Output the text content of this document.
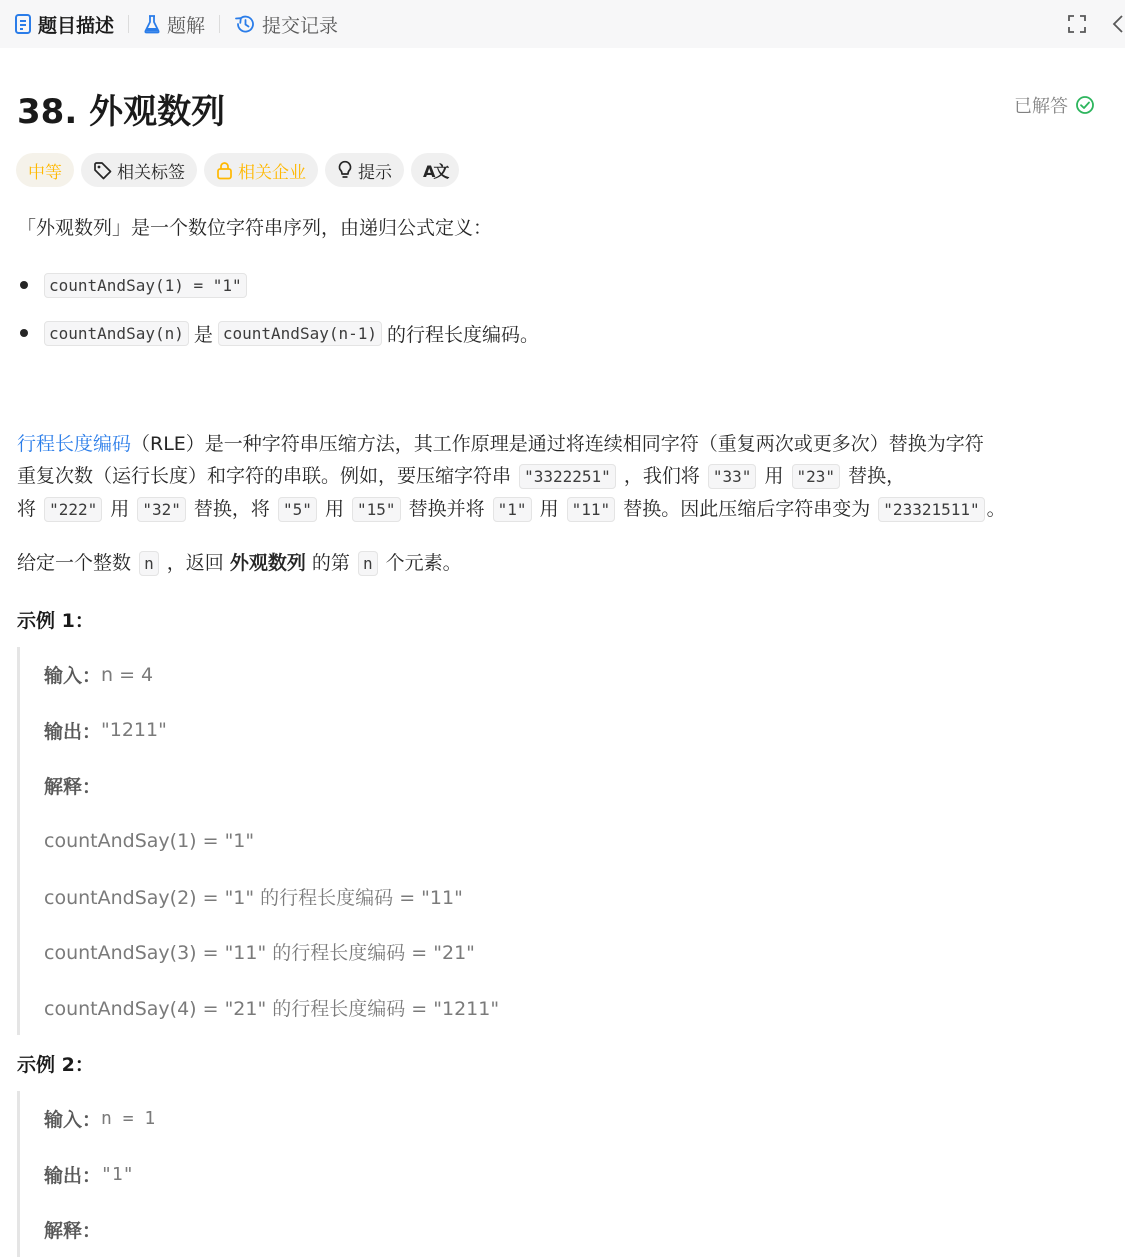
题目描述	题解	提交记录
38. 外观数列	已解答
中等	相关标签	相关企业	提示 A文
「外观数列」是一个数位字符串序列，由递归公式定义：
countAndSay(1) = "1"
countAndSay(n) 是 countAndSay(n-1) 的行程长度编码。
行程长度编码（RLE）是一种字符串压缩方法，其工作原理是通过将连续相同字符（重复两次或更多次）替换为字符
重复次数（运行长度）和字符的串联。例如，要压缩字符串 "3322251" ，我们将 "33" 用 "23" 替换，
将 "222" 用 "32" 替换，将 "5" 用 "15" 替换并将 "1" 用 "11" 替换。因此压缩后字符串变为 "23321511" 。
给定一个整数 n ，返回 外观数列 的第 n 个元素。
示例 1：
输入： n = 4
输出： "1211"
解释：
countAndSay(1) = "1"
countAndSay(2) = "1" 的行程长度编码 = "11"
countAndSay(3) = "11" 的行程长度编码 = "21"
countAndSay(4) = "21" 的行程长度编码 = "1211"
示例 2：
输入： n = 1
输出： "1"
解释：
